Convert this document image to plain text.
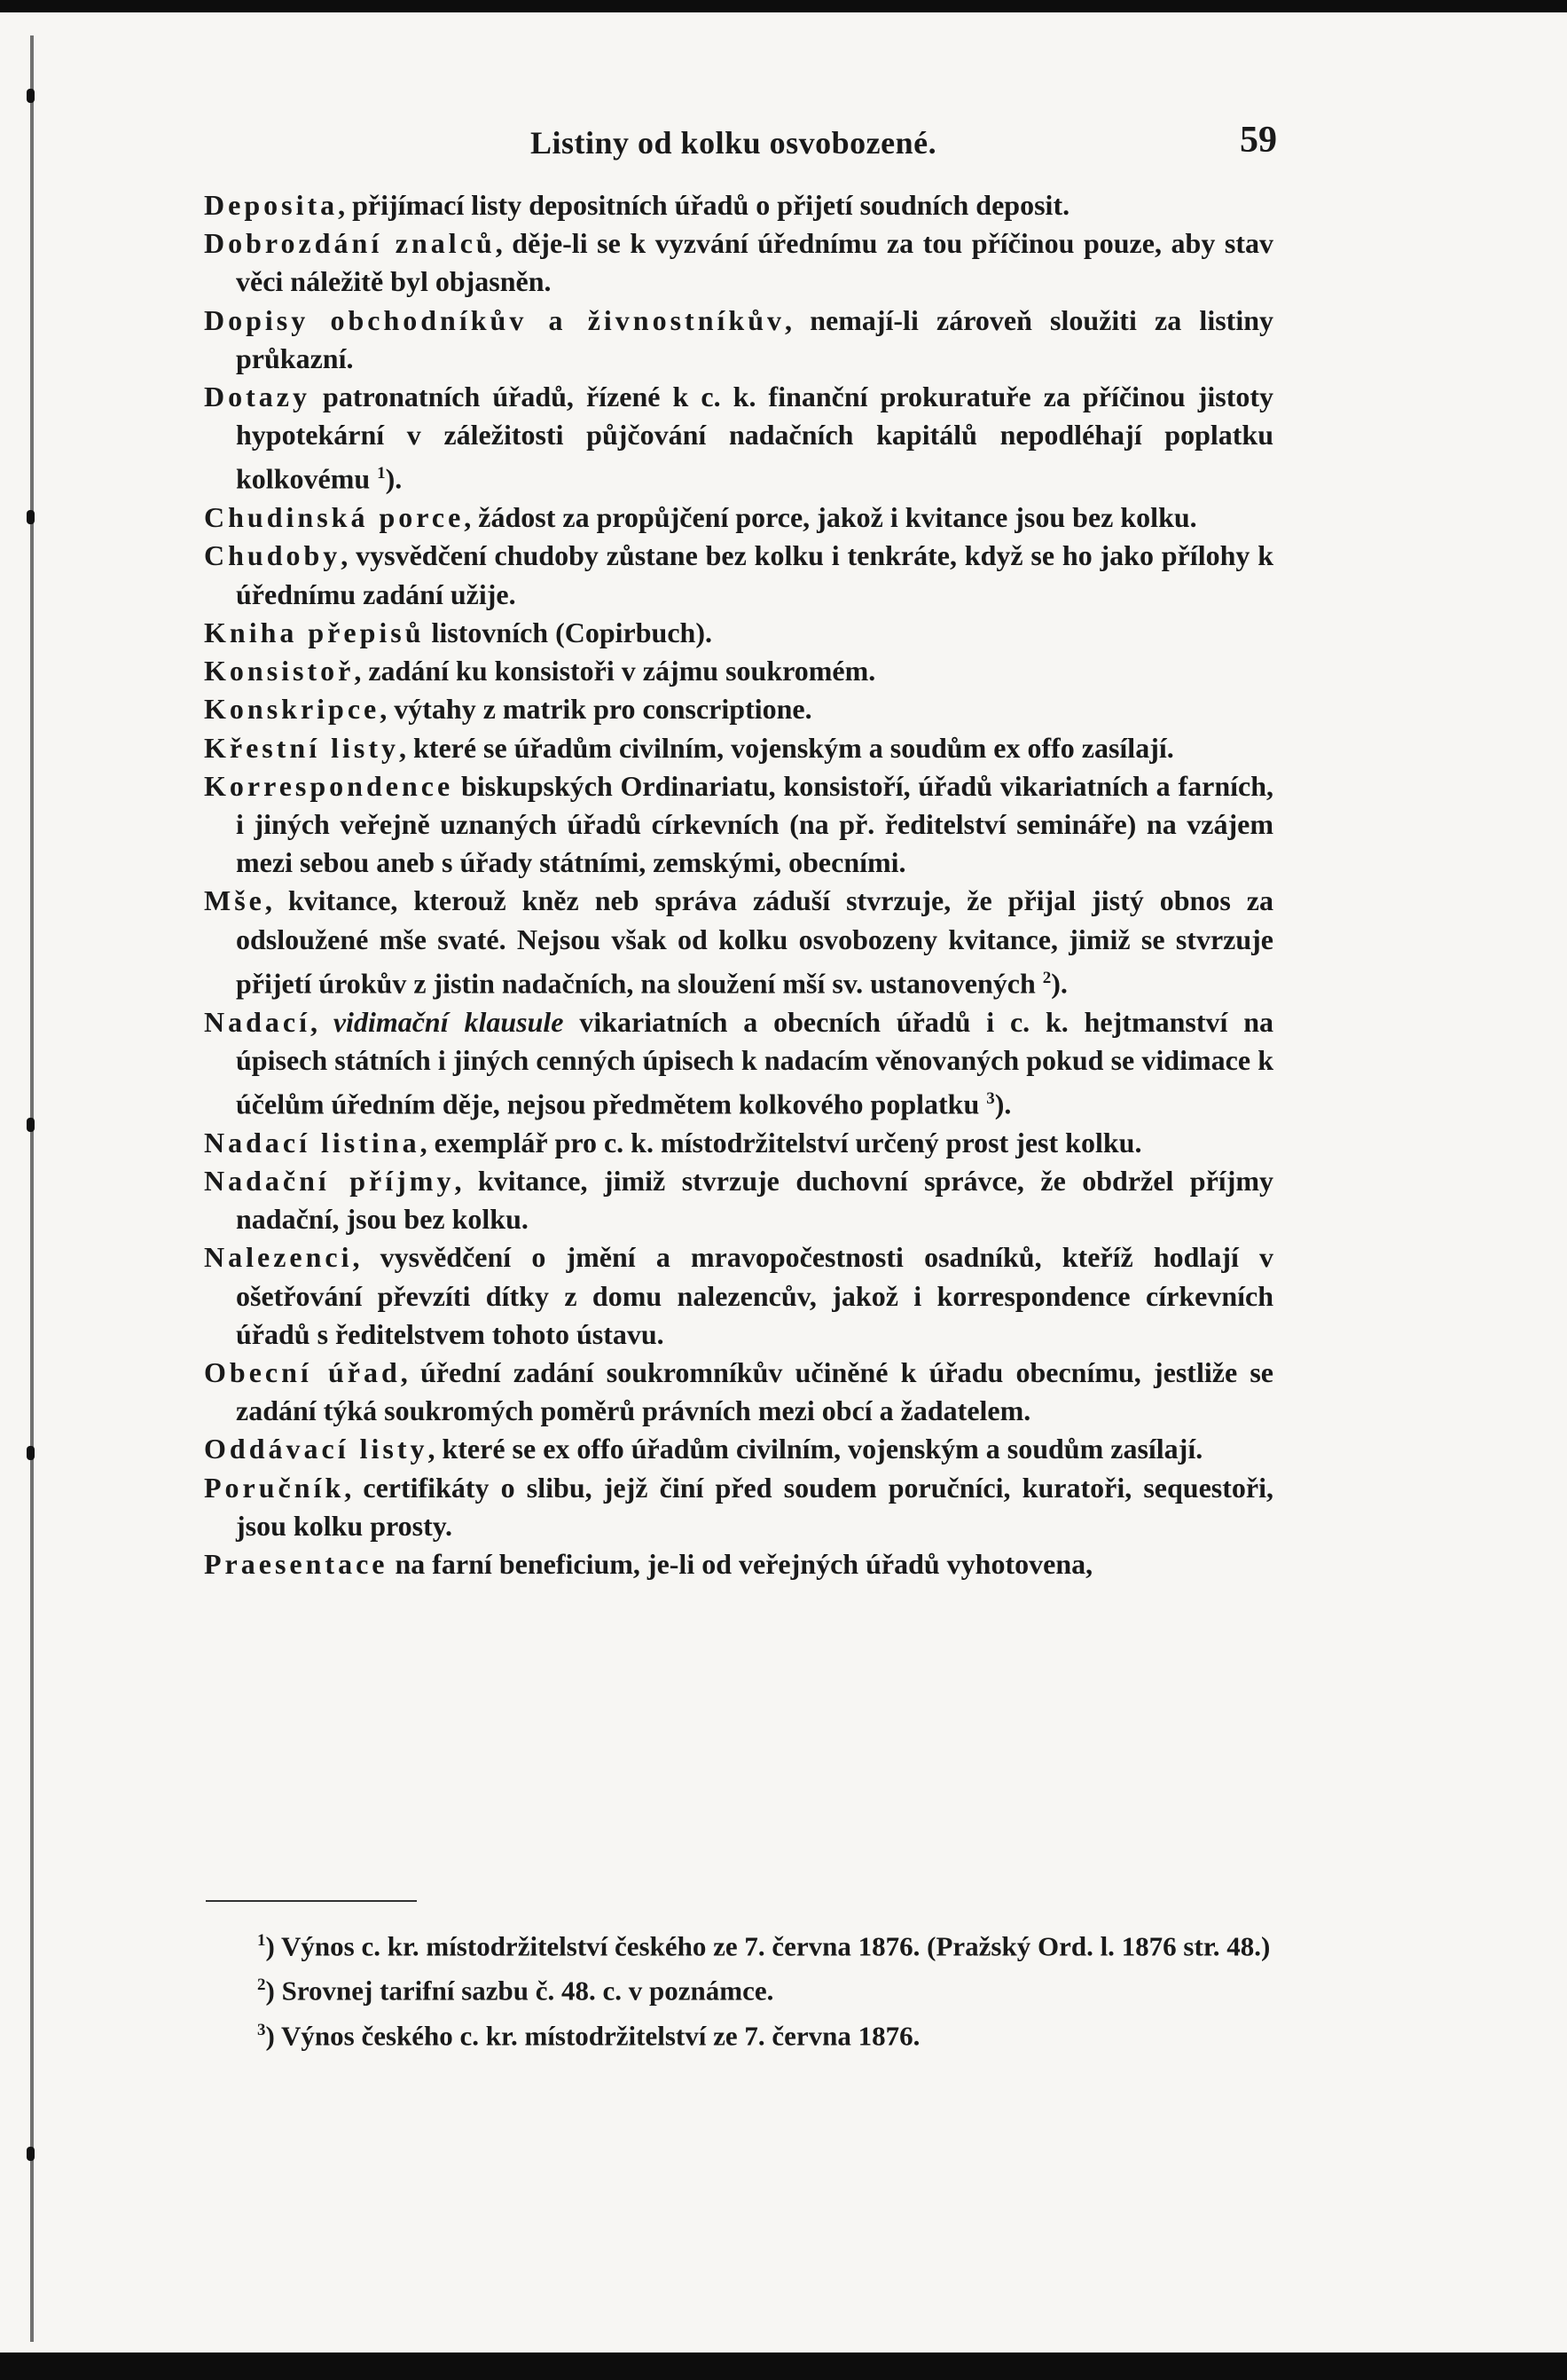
Listiny od kolku osvobozené.	59

Deposita, přijímací listy depositních úřadů o přijetí soudních deposit.

Dobrozdání znalců, děje-li se k vyzvání úřednímu za tou příčinou pouze, aby stav věci náležitě byl objasněn.

Dopisy obchodníkův a živnostníkův, nemají-li zároveň sloužiti za listiny průkazní.

Dotazy patronatních úřadů, řízené k c. k. finanční prokuratuře za příčinou jistoty hypotekární v záležitosti půjčování nadačních kapitálů nepodléhají poplatku kolkovému $^1$).

Chudinská porce, žádost za propůjčení porce, jakož i kvitance jsou bez kolku.

Chudoby, vysvědčení chudoby zůstane bez kolku i tenkráte, když se ho jako přílohy k úřednímu zadání užije.

Kniha přepisů listovních (Copirbuch).

Konsistoř, zadání ku konsistoři v zájmu soukromém.

Konskripce, výtahy z matrik pro conscriptione.

Křestní listy, které se úřadům civilním, vojenským a soudům ex offo zasílají.

Korrespondence biskupských Ordinariatu, konsistoří, úřadů vikariatních a farních, i jiných veřejně uznaných úřadů církevních (na př. ředitelství semináře) na vzájem mezi sebou aneb s úřady státními, zemskými, obecními.

Mše, kvitance, kterouž kněz neb správa záduší stvrzuje, že přijal jistý obnos za odsloužené mše svaté. Nejsou však od kolku osvobozeny kvitance, jimiž se stvrzuje přijetí úrokův z jistin nadačních, na sloužení mší sv. ustanovených $^2$).

Nadací, vidimační klausule vikariatních a obecních úřadů i c. k. hejtmanství na úpisech státních i jiných cenných úpisech k nadacím věnovaných pokud se vidimace k účelům úředním děje, nejsou předmětem kolkového poplatku $^3$).

Nadací listina, exemplář pro c. k. místodržitelství určený prost jest kolku.

Nadační příjmy, kvitance, jimiž stvrzuje duchovní správce, že obdržel příjmy nadační, jsou bez kolku.

Nalezenci, vysvědčení o jmění a mravopočestnosti osadníků, kteříž hodlají v ošetřování převzíti dítky z domu nalezencův, jakož i korrespondence církevních úřadů s ředitelstvem tohoto ústavu.

Obecní úřad, úřední zadání soukromníkův učiněné k úřadu obecnímu, jestliže se zadání týká soukromých poměrů právních mezi obcí a žadatelem.

Oddávací listy, které se ex offo úřadům civilním, vojenským a soudům zasílají.

Poručník, certifikáty o slibu, jejž činí před soudem poručníci, kuratoři, sequestoři, jsou kolku prosty.

Praesentace na farní beneficium, je-li od veřejných úřadů vyhotovena,

$^1$) Výnos c. kr. místodržitelství českého ze 7. června 1876. (Pražský Ord. l. 1876 str. 48.)

$^2$) Srovnej tarifní sazbu č. 48. c. v poznámce.

$^3$) Výnos českého c. kr. místodržitelství ze 7. června 1876.
